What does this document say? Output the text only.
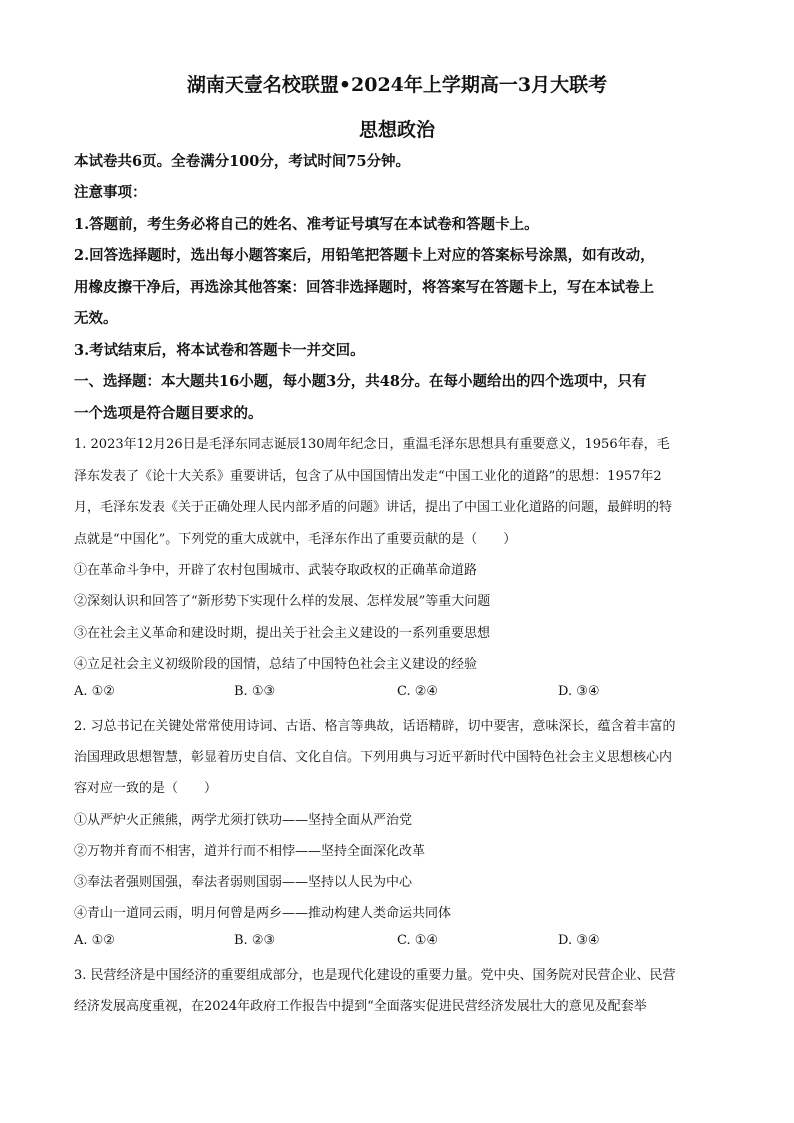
湖南天壹名校联盟•2024年上学期高一3月大联考
思想政治
本试卷共6页。全卷满分100分，考试时间75分钟。
注意事项：
1.答题前，考生务必将自己的姓名、准考证号填写在本试卷和答题卡上。
2.回答选择题时，选出每小题答案后，用铅笔把答题卡上对应的答案标号涂黑，如有改动，
用橡皮擦干净后，再选涂其他答案：回答非选择题时，将答案写在答题卡上，写在本试卷上
无效。
3.考试结束后，将本试卷和答题卡一并交回。
一、选择题：本大题共16小题，每小题3分，共48分。在每小题给出的四个选项中，只有
一个选项是符合题目要求的。
1. 2023年12月26日是毛泽东同志诞辰130周年纪念日，重温毛泽东思想具有重要意义，1956年春，毛
泽东发表了《论十大关系》重要讲话，包含了从中国国情出发走“中国工业化的道路”的思想：1957年2
月，毛泽东发表《关于正确处理人民内部矛盾的问题》讲话，提出了中国工业化道路的问题，最鲜明的特
点就是“中国化”。下列党的重大成就中，毛泽东作出了重要贡献的是（　　）
①在革命斗争中，开辟了农村包围城市、武装夺取政权的正确革命道路
②深刻认识和回答了“新形势下实现什么样的发展、怎样发展”等重大问题
③在社会主义革命和建设时期，提出关于社会主义建设的一系列重要思想
④立足社会主义初级阶段的国情，总结了中国特色社会主义建设的经验
A. ①②	B. ①③	C. ②④	D. ③④
2. 习总书记在关键处常常使用诗词、古语、格言等典故，话语精辟，切中要害，意味深长，蕴含着丰富的
治国理政思想智慧，彰显着历史自信、文化自信。下列用典与习近平新时代中国特色社会主义思想核心内
容对应一致的是（　　）
①从严炉火正熊熊，两学尤须打铁功——坚持全面从严治党
②万物并育而不相害，道并行而不相悖——坚持全面深化改革
③奉法者强则国强，奉法者弱则国弱——坚持以人民为中心
④青山一道同云雨，明月何曾是两乡——推动构建人类命运共同体
A. ①②	B. ②③	C. ①④	D. ③④
3. 民营经济是中国经济的重要组成部分，也是现代化建设的重要力量。党中央、国务院对民营企业、民营
经济发展高度重视，在2024年政府工作报告中提到“全面落实促进民营经济发展壮大的意见及配套举
